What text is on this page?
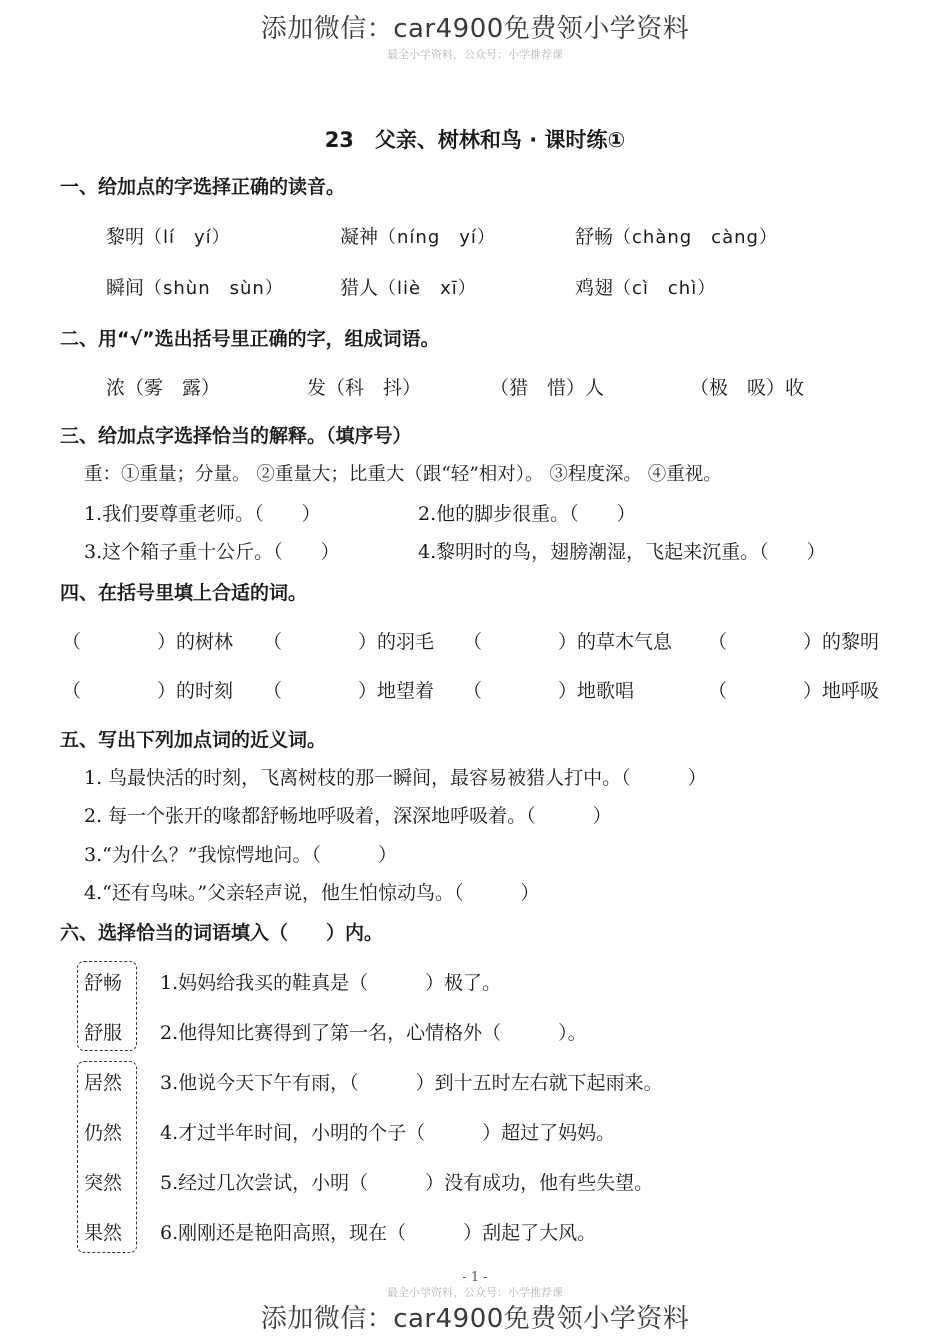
添加微信：car4900免费领小学资料
最全小学资料，公众号：小学推荐课
23　父亲、树林和鸟 · 课时练①
一、给加点的字选择正确的读音。
黎明（lí　yí）	凝神（níng　yí）	舒畅（chàng　càng）
瞬间（shùn　sùn）	猎人（liè　xī）	鸡翅（cì　chì）
二、用“√”选出括号里正确的字，组成词语。
浓（雾　露）	发（科　抖）	（猎　惜）人	（极　吸）收
三、给加点字选择恰当的解释。（填序号）
重：①重量；分量。 ②重量大；比重大（跟“轻”相对）。 ③程度深。 ④重视。
1.我们要尊重老师。（　　）	2.他的脚步很重。（　　）
3.这个箱子重十公斤。（　　）	4.黎明时的鸟，翅膀潮湿，飞起来沉重。（　　）
四、在括号里填上合适的词。
（　　　　）的树林 （　　　　）的羽毛 （　　　　）的草木气息 （　　　　）的黎明
（　　　　）的时刻 （　　　　）地望着 （　　　　）地歌唱	（　　　　）地呼吸
五、写出下列加点词的近义词。
1. 鸟最快活的时刻，飞离树枝的那一瞬间，最容易被猎人打中。（　　　）
2. 每一个张开的喙都舒畅地呼吸着，深深地呼吸着。（　　　）
3.“为什么？”我惊愕地问。（　　　）
4.“还有鸟味。”父亲轻声说，他生怕惊动鸟。（　　　）
六、选择恰当的词语填入（　　）内。
舒畅
舒服
居然
仍然
突然
果然
1.妈妈给我买的鞋真是（　　　）极了。
2.他得知比赛得到了第一名，心情格外（　　　）。
3.他说今天下午有雨，（　　　）到十五时左右就下起雨来。
4.才过半年时间，小明的个子（　　　）超过了妈妈。
5.经过几次尝试，小明（　　　）没有成功，他有些失望。
6.刚刚还是艳阳高照，现在（　　　）刮起了大风。
- 1 -
最全小学资料，公众号：小学推荐课
添加微信：car4900免费领小学资料
